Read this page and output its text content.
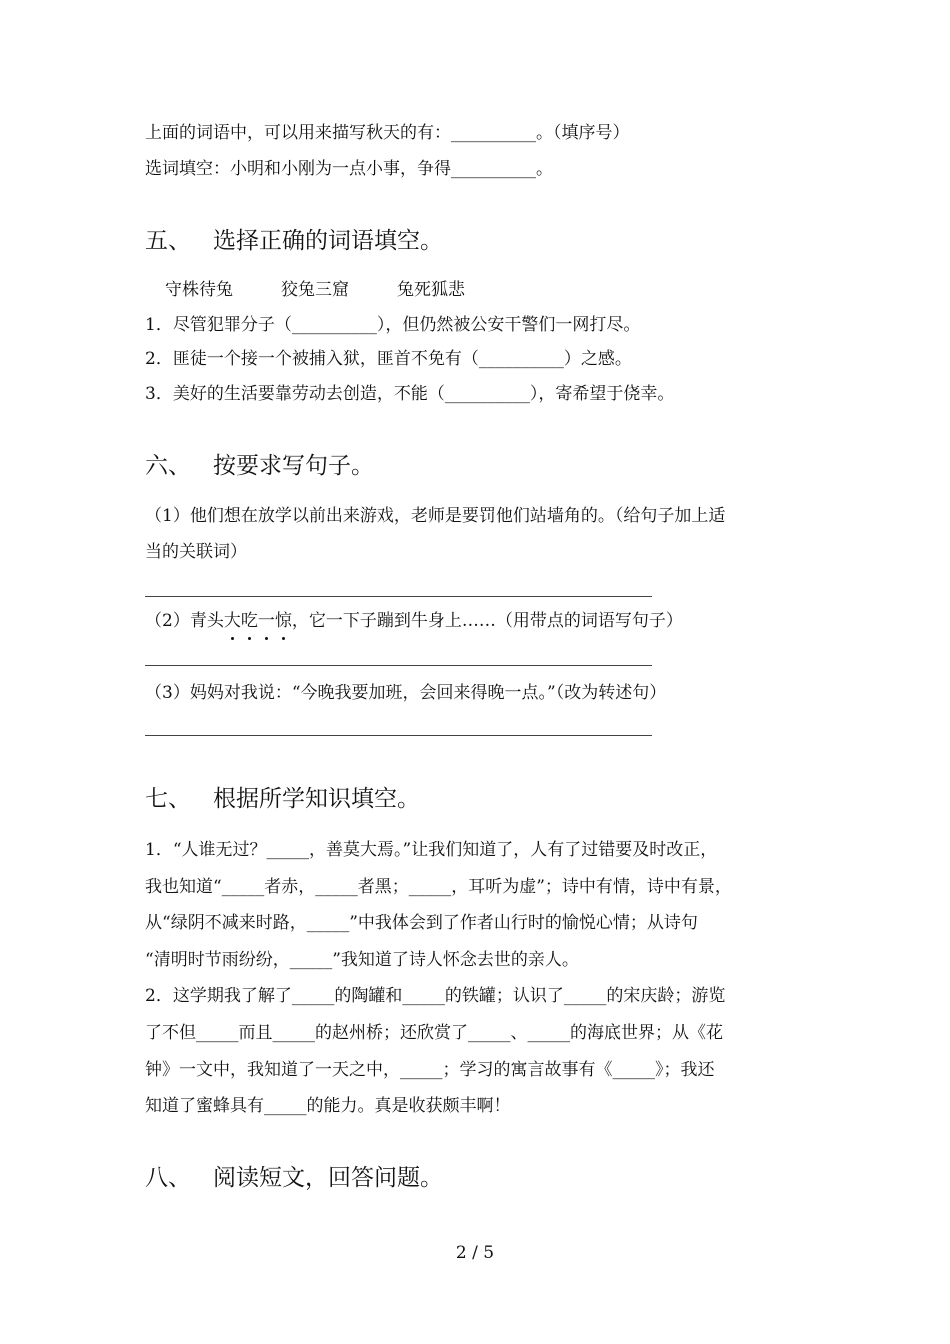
上面的词语中，可以用来描写秋天的有：__________。（填序号）
选词填空：小明和小刚为一点小事，争得__________。
五、 选择正确的词语填空。
守株待兔	狡兔三窟	兔死狐悲
1．尽管犯罪分子（__________），但仍然被公安干警们一网打尽。
2．匪徒一个接一个被捕入狱，匪首不免有（__________）之感。
3．美好的生活要靠劳动去创造，不能（__________），寄希望于侥幸。
六、 按要求写句子。
（1）他们想在放学以前出来游戏，老师是要罚他们站墙角的。（给句子加上适
当的关联词）
（2）青头大吃一惊
，它一下子蹦到牛身上……（用带点的词语写句子）
（3）妈妈对我说：“今晚我要加班，会回来得晚一点。”（改为转述句）
七、 根据所学知识填空。
1．“人谁无过？_____，善莫大焉。”让我们知道了，人有了过错要及时改正，
我也知道“_____者赤，_____者黑；_____，耳听为虚”；诗中有情，诗中有景，
从“绿阴不减来时路，_____”中我体会到了作者山行时的愉悦心情；从诗句
“清明时节雨纷纷，_____”我知道了诗人怀念去世的亲人。
2．这学期我了解了_____的陶罐和_____的铁罐；认识了_____的宋庆龄；游览
了不但_____而且_____的赵州桥；还欣赏了_____、_____的海底世界；从《花
钟》一文中，我知道了一天之中，_____；学习的寓言故事有《_____》；我还
知道了蜜蜂具有_____的能力。真是收获颇丰啊！
八、 阅读短文，回答问题。
2 / 5
